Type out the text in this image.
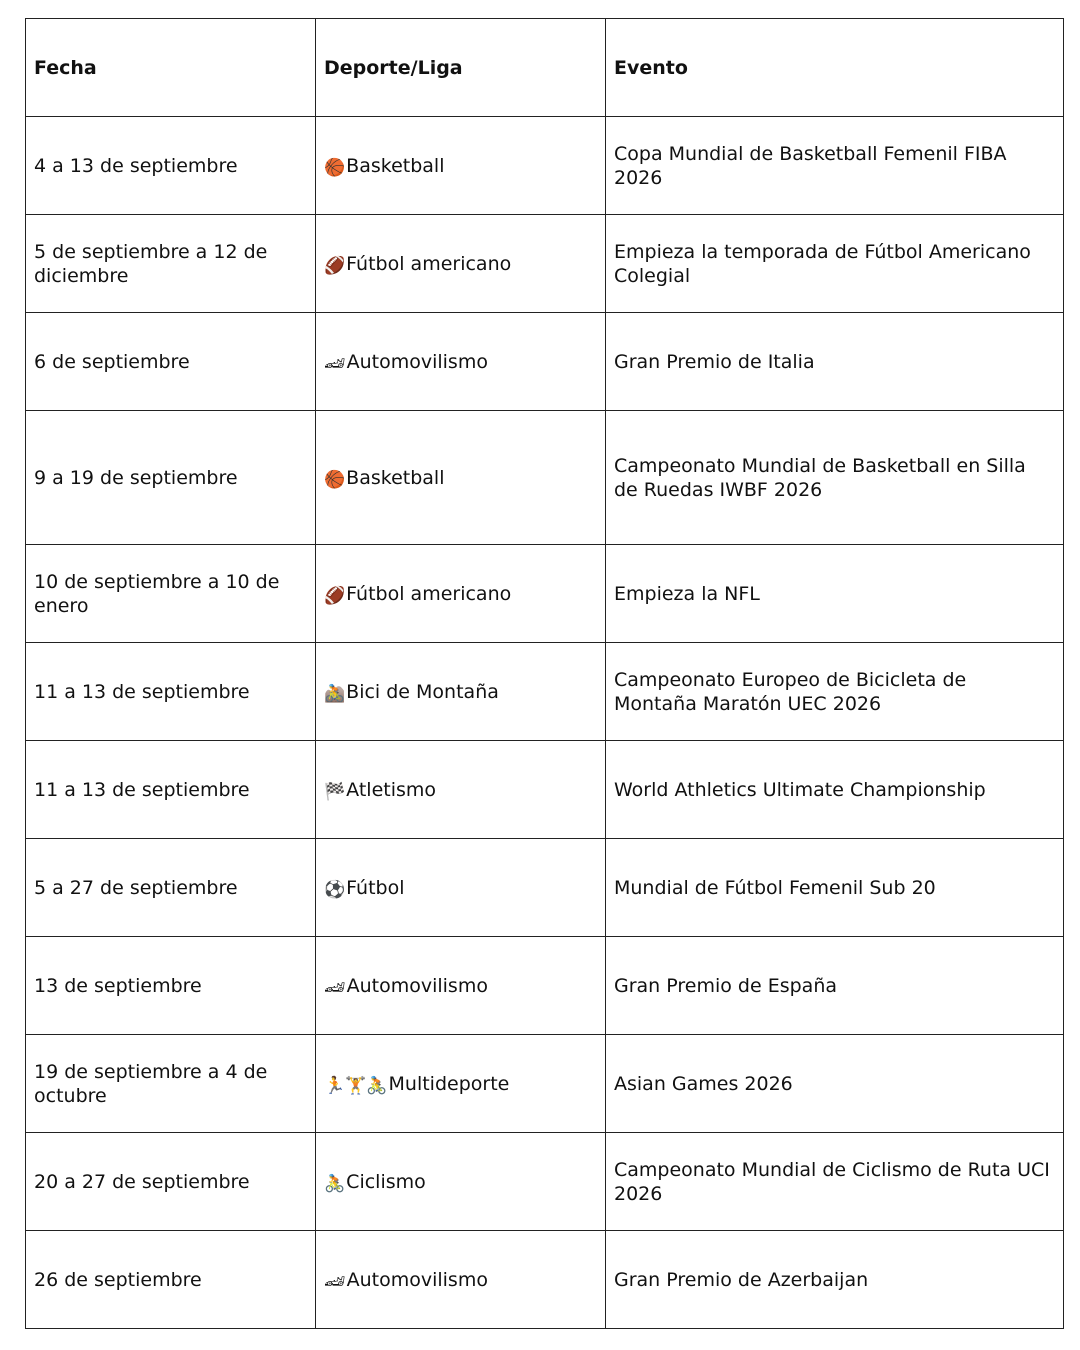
Fecha	Deporte/Liga	Evento
4 a 13 de septiembre	🏀Basketball	Copa Mundial de Basketball Femenil FIBA 2026
5 de septiembre a 12 de diciembre	🏈Fútbol americano	Empieza la temporada de Fútbol Americano Colegial
6 de septiembre	🏎Automovilismo	Gran Premio de Italia
9 a 19 de septiembre	🏀Basketball	Campeonato Mundial de Basketball en Silla de Ruedas IWBF 2026
10 de septiembre a 10 de enero	🏈Fútbol americano	Empieza la NFL
11 a 13 de septiembre	🚵Bici de Montaña	Campeonato Europeo de Bicicleta de Montaña Maratón UEC 2026
11 a 13 de septiembre	🏁Atletismo	World Athletics Ultimate Championship
5 a 27 de septiembre	⚽Fútbol	Mundial de Fútbol Femenil Sub 20
13 de septiembre	🏎Automovilismo	Gran Premio de España
19 de septiembre a 4 de octubre	🏃🏋🚴Multideporte	Asian Games 2026
20 a 27 de septiembre	🚴Ciclismo	Campeonato Mundial de Ciclismo de Ruta UCI 2026
26 de septiembre	🏎Automovilismo	Gran Premio de Azerbaijan
